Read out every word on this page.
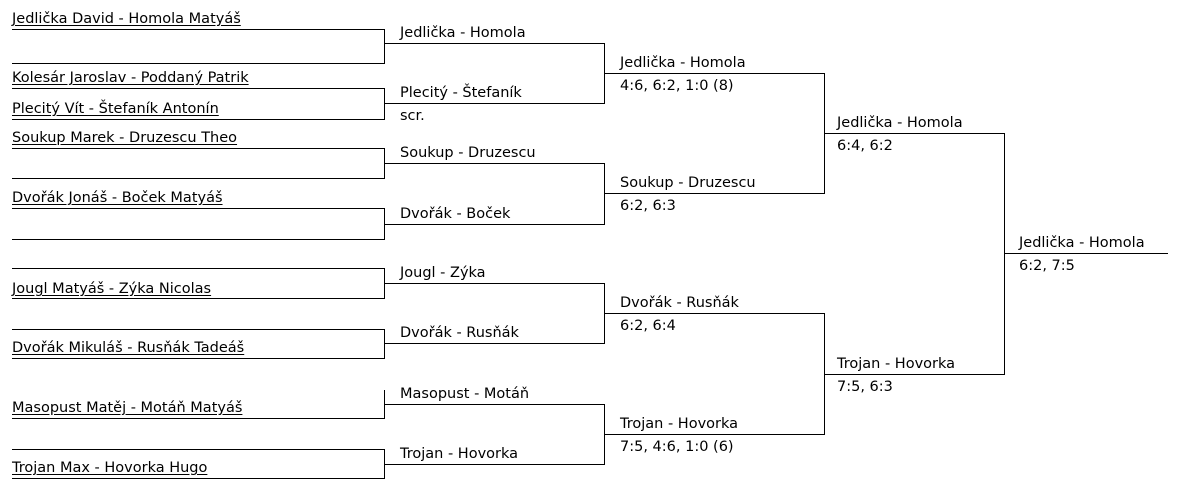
Jedlička David - Homola Matyáš
Kolesár Jaroslav - Poddaný Patrik
Plecitý Vít - Štefaník Antonín
Soukup Marek - Druzescu Theo
Dvořák Jonáš - Boček Matyáš
Jougl Matyáš - Zýka Nicolas
Dvořák Mikuláš - Rusňák Tadeáš
Masopust Matěj - Motáň Matyáš
Trojan Max - Hovorka Hugo
Jedlička - Homola
Plecitý - Štefaník
scr.
Soukup - Druzescu
Dvořák - Boček
Jougl - Zýka
Dvořák - Rusňák
Masopust - Motáň
Trojan - Hovorka
Jedlička - Homola
4:6, 6:2, 1:0 (8)
Soukup - Druzescu
6:2, 6:3
Dvořák - Rusňák
6:2, 6:4
Trojan - Hovorka
7:5, 4:6, 1:0 (6)
Jedlička - Homola
6:4, 6:2
Trojan - Hovorka
7:5, 6:3
Jedlička - Homola
6:2, 7:5
